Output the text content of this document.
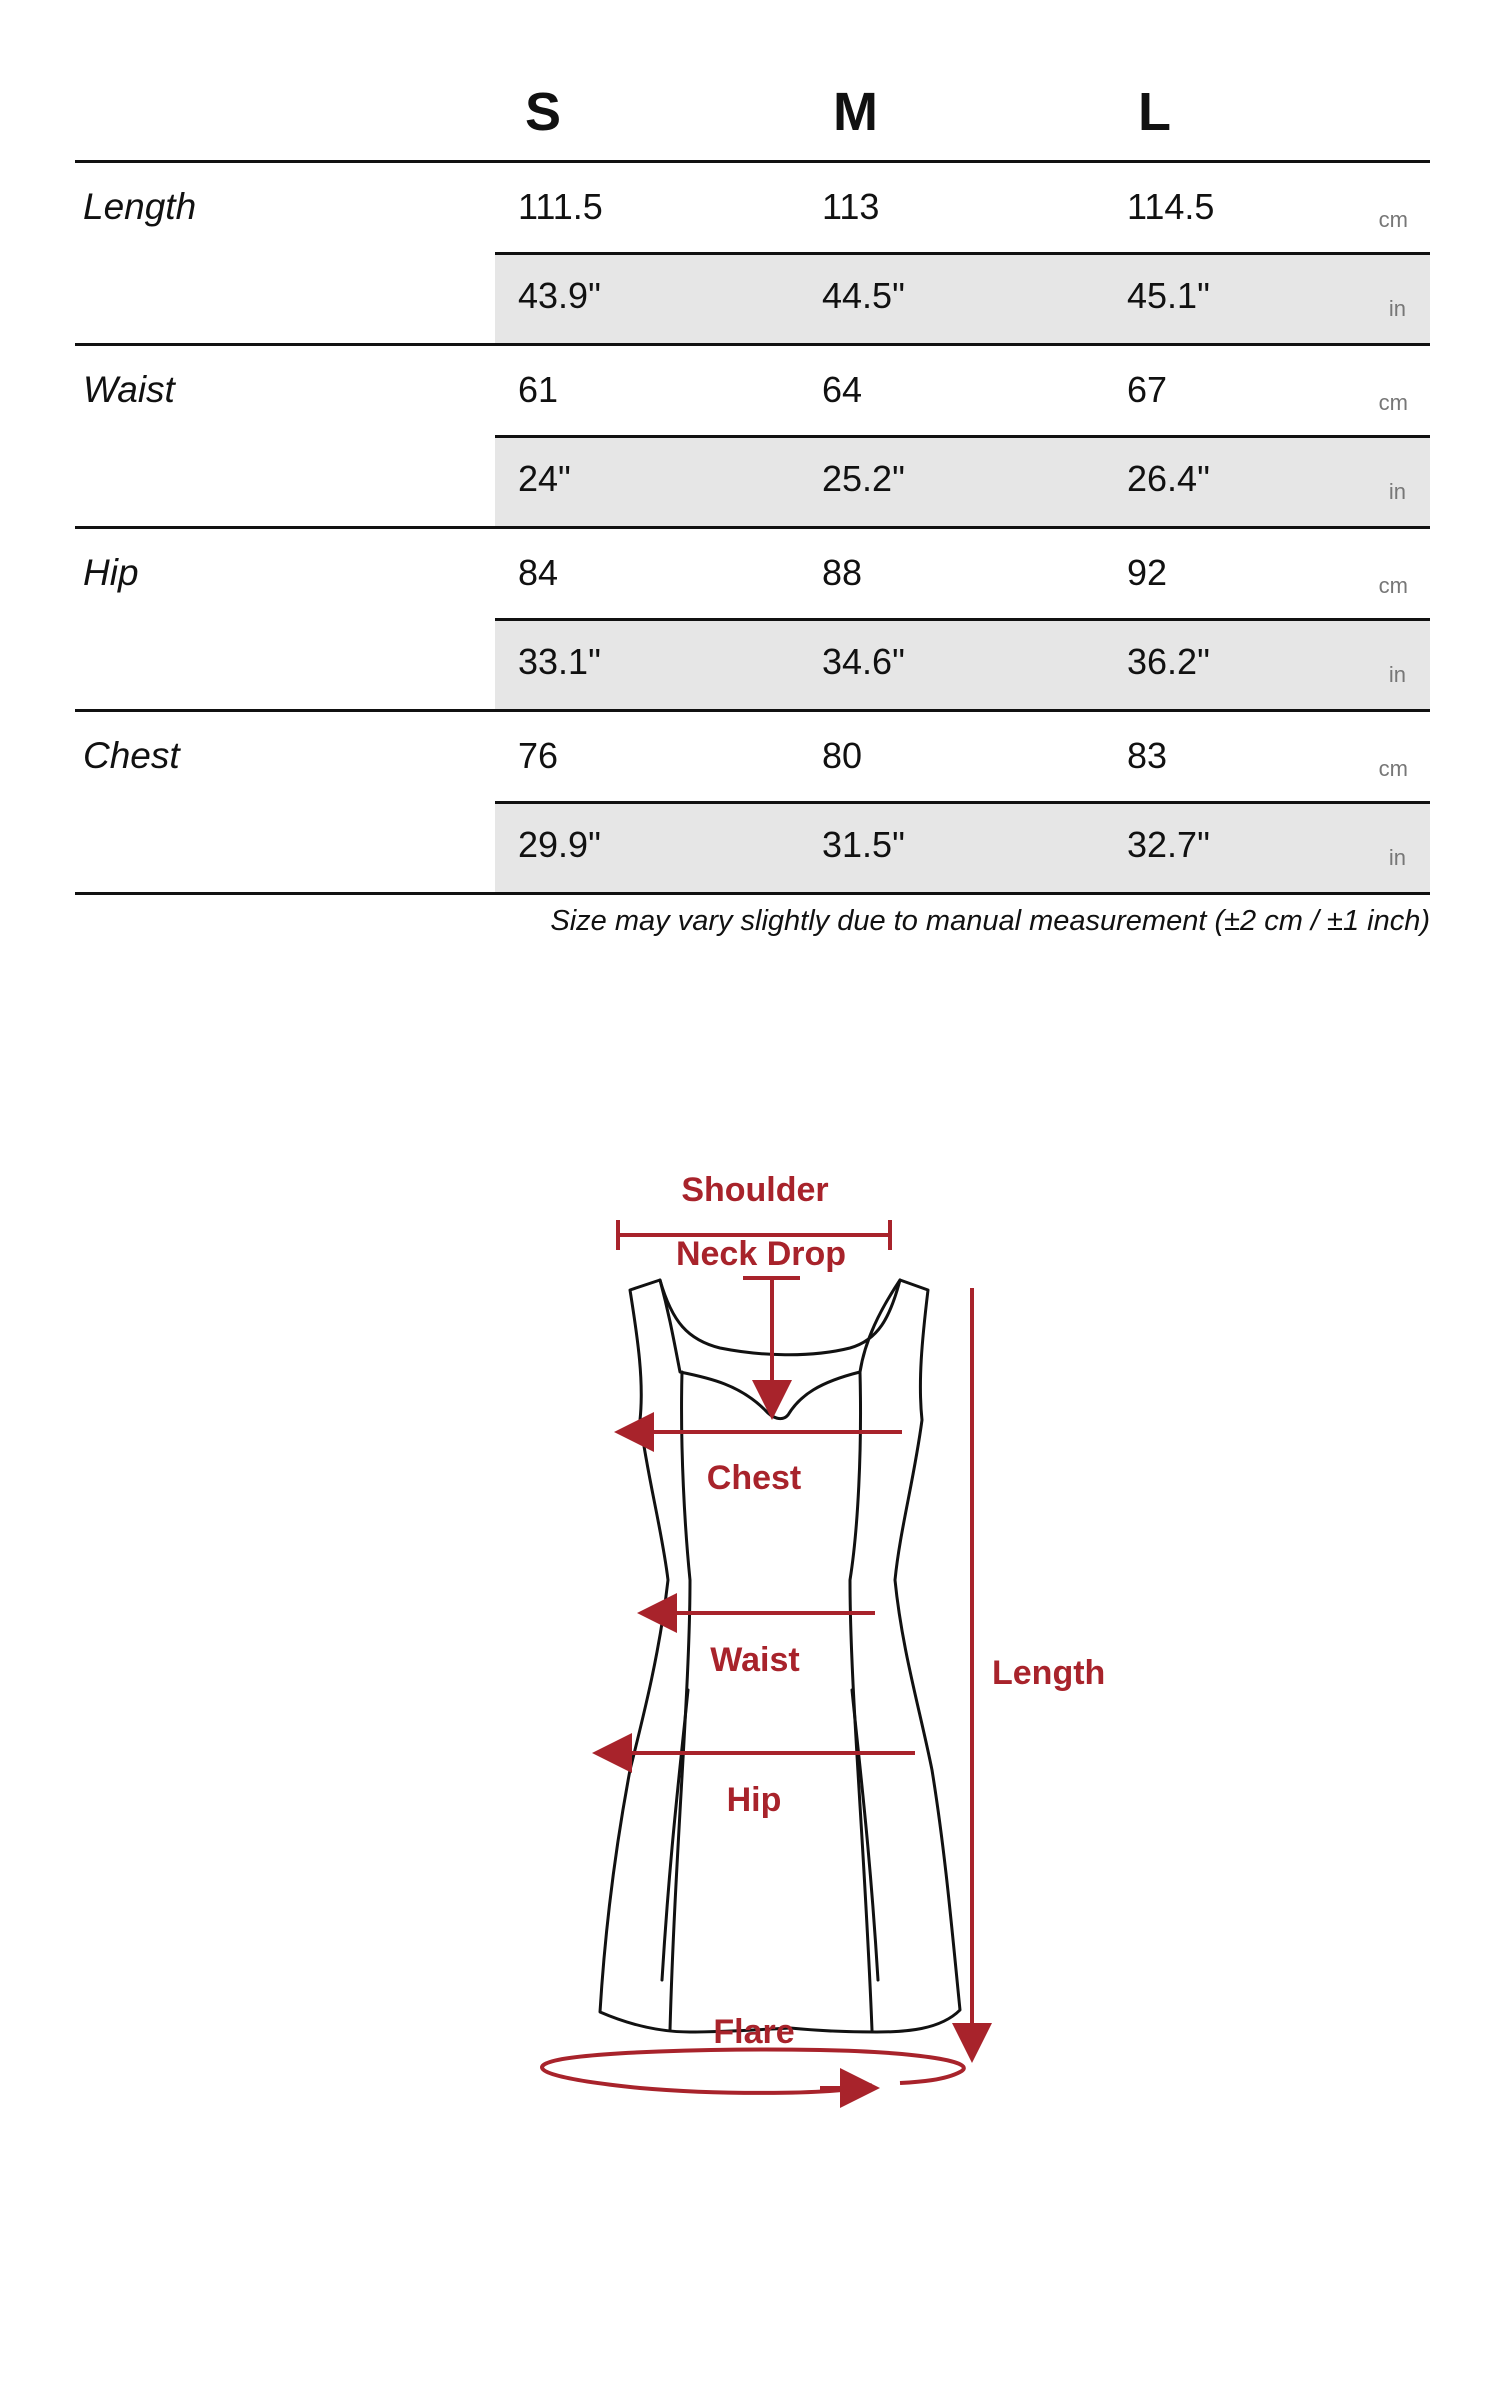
S	M	L
Length	111.5	113	114.5	cm
43.9"	44.5"	45.1"	in
Waist	61	64	67	cm
24"	25.2"	26.4"	in
Hip	84	88	92	cm
33.1"	34.6"	36.2"	in
Chest	76	80	83	cm
29.9"	31.5"	32.7"	in
Size may vary slightly due to manual measurement (±2 cm / ±1 inch)
Shoulder
Neck Drop
Chest
Waist
Hip
Length
Flare
